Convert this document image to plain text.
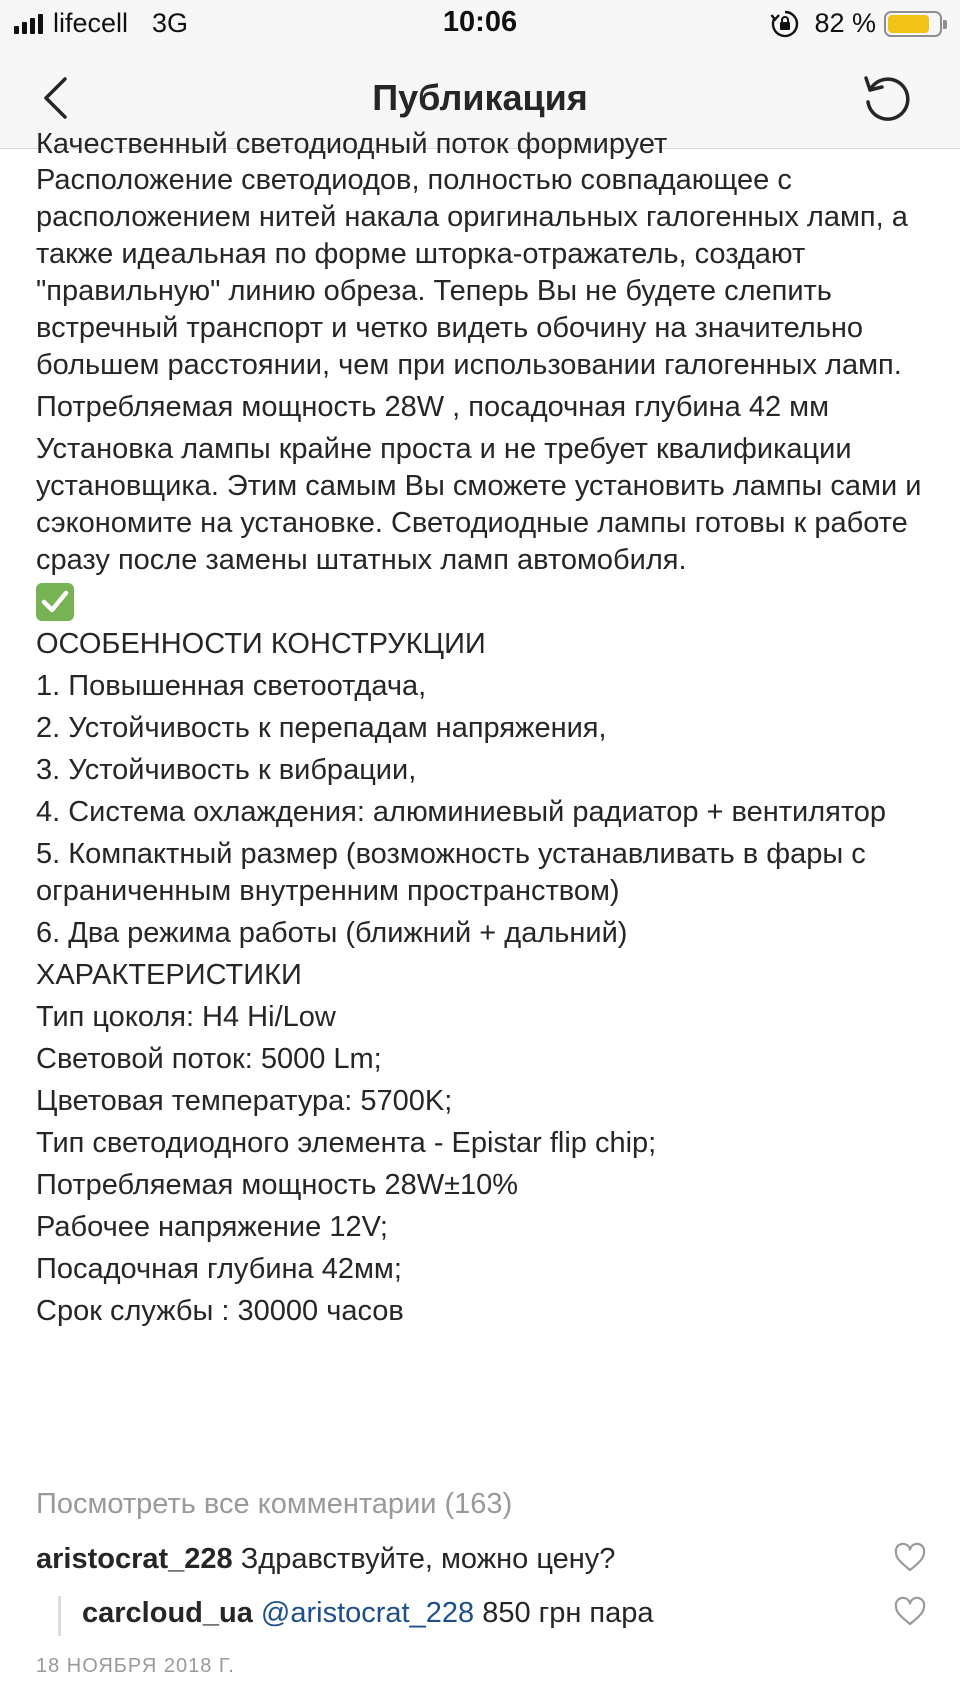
lifecell 3G	10:06	82 %
Публикация
Качественный светодиодный поток формирует

Расположение светодиодов, полностью совпадающее с расположением нитей накала оригинальных галогенных ламп, а также идеальная по форме шторка-отражатель, создают "правильную" линию обреза. Теперь Вы не будете слепить встречный транспорт и четко видеть обочину на значительно большем расстоянии, чем при использовании галогенных ламп.

Потребляемая мощность 28W , посадочная глубина 42 мм

Установка лампы крайне проста и не требует квалификации установщика. Этим самым Вы сможете установить лампы сами и сэкономите на установке. Светодиодные лампы готовы к работе сразу после замены штатных ламп автомобиля.

ОСОБЕННОСТИ КОНСТРУКЦИИ

1. Повышенная светоотдача,

2. Устойчивость к перепадам напряжения,

3. Устойчивость к вибрации,

4. Система охлаждения: алюминиевый радиатор + вентилятор

5. Компактный размер (возможность устанавливать в фары с ограниченным внутренним пространством)

6. Два режима работы (ближний + дальний)

ХАРАКТЕРИСТИКИ

Тип цоколя: H4 Hi/Low

Световой поток: 5000 Lm;

Цветовая температура: 5700K;

Тип светодиодного элемента - Epistar flip chip;

Потребляемая мощность 28W±10%

Рабочее напряжение 12V;

Посадочная глубина 42мм;

Срок службы : 30000 часов

Посмотреть все комментарии (163)
aristocrat_228 Здравствуйте, можно цену?
carcloud_ua @aristocrat_228 850 грн пара
18 НОЯБРЯ 2018 Г.
